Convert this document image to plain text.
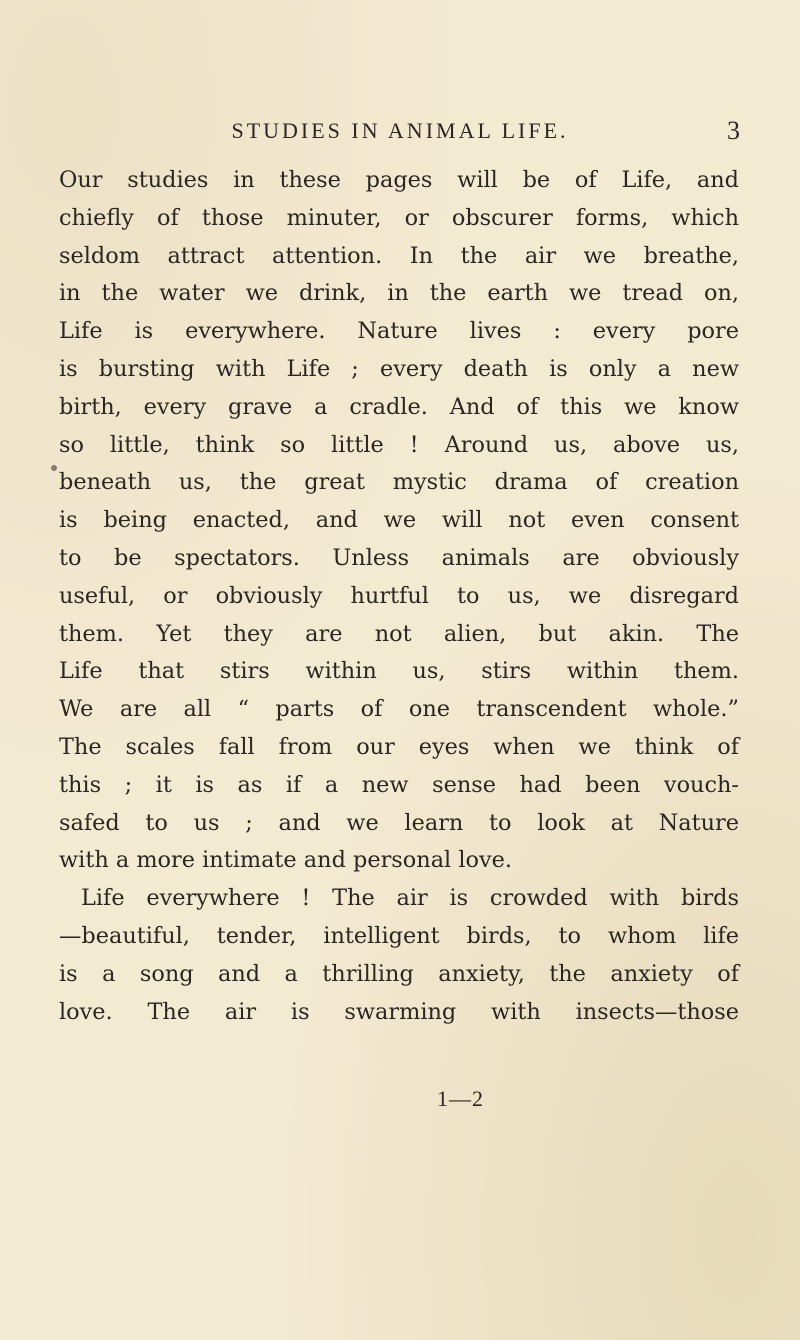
STUDIES IN ANIMAL LIFE.	3
Our studies in these pages will be of Life, and
chiefly of those minuter, or obscurer forms, which
seldom attract attention. In the air we breathe,
in the water we drink, in the earth we tread on,
Life is everywhere. Nature lives : every pore
is bursting with Life ; every death is only a new
birth, every grave a cradle. And of this we know
so little, think so little ! Around us, above us,
beneath us, the great mystic drama of creation
is being enacted, and we will not even consent
to be spectators. Unless animals are obviously
useful, or obviously hurtful to us, we disregard
them. Yet they are not alien, but akin. The
Life that stirs within us, stirs within them.
We are all “ parts of one transcendent whole.”
The scales fall from our eyes when we think of
this ; it is as if a new sense had been vouch-
safed to us ; and we learn to look at Nature
with a more intimate and personal love.
Life everywhere ! The air is crowded with birds
—beautiful, tender, intelligent birds, to whom life
is a song and a thrilling anxiety, the anxiety of
love. The air is swarming with insects—those
1—2
